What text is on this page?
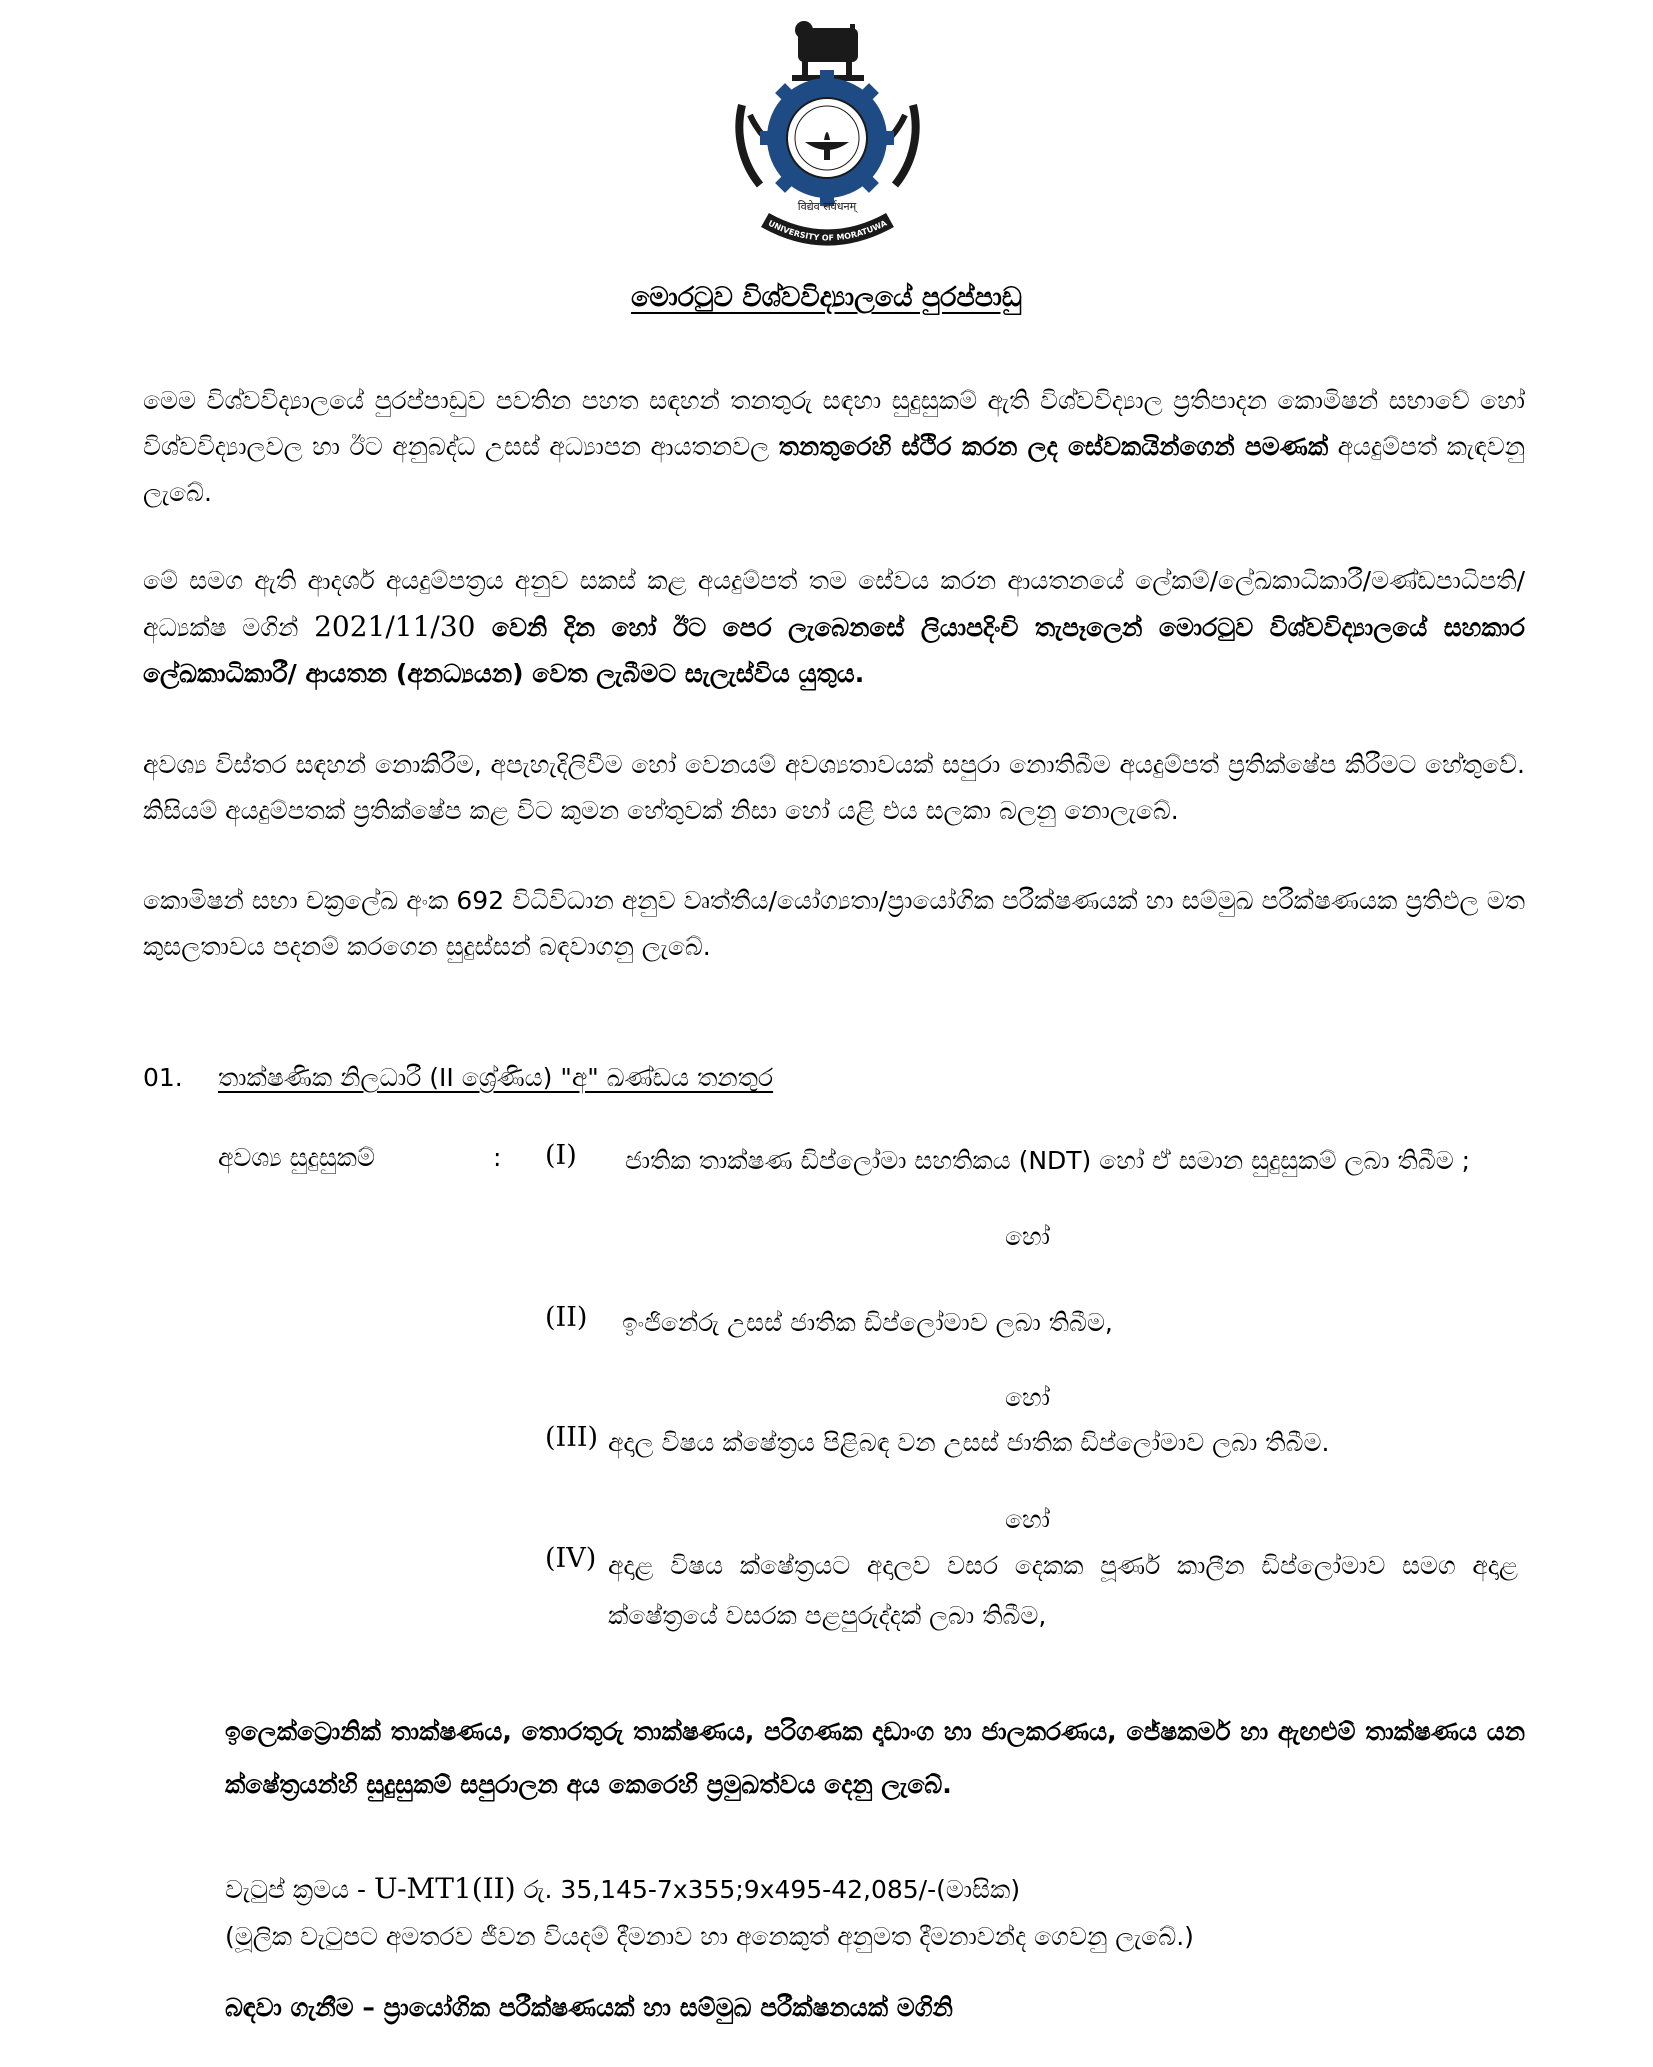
विद्येव सर्वधनम्
UNIVERSITY OF MORATUWA
මොරටුව විශ්වවිද්‍යාලයේ පුරප්පාඩු
මෙම විශ්වවිද්‍යාලයේ පුරප්පාඩුව පවතින පහත සඳහන් තනතුරු සඳහා සුදුසුකම් ඇති විශ්වවිද්‍යාල ප්‍රතිපාදන කොමිෂන් සභාවේ හෝ විශ්වවිද්‍යාලවල හා ඊට අනුබද්ධ උසස් අධ්‍යාපන ආයතනවල තනතුරෙහි ස්ථිර කරන ලද සේවකයින්ගෙන් පමණක් අයදුම්පත් කැඳවනු ලැබේ.
මේ සමග ඇති ආදර්ශ අයදුම්පත්‍රය අනුව සකස් කළ අයදුම්පත් තම සේවය කරන ආයතනයේ ලේකම්/ලේඛකාධිකාරී/මණ්ඩපාධිපති/අධ්‍යක්ෂ මගින් 2021/11/30 වෙනි දින හෝ ඊට පෙර ලැබෙනසේ ලියාපදිංචි තැපෑලෙන් මොරටුව විශ්වවිද්‍යාලයේ සහකාර ලේඛකාධිකාරී/ ආයතන (අනධ්‍යයන) වෙත ලැබීමට සැලැස්විය යුතුය.
අවශ්‍ය විස්තර සඳහන් නොකිරීම, අපැහැදිලිවීම හෝ වෙනයම් අවශ්‍යතාවයක් සපුරා නොතිබීම අයදුම්පත් ප්‍රතික්ෂේප කිරීමට හේතුවේ. කිසියම් අයදුම්පතක් ප්‍රතික්ෂේප කළ විට කුමන හේතුවක් නිසා හෝ යළි එය සලකා බලනු නොලැබේ.
කොමිෂන් සභා චක්‍රලේඛ අංක 692 විධිවිධාන අනුව වෘත්තීය/යෝග්‍යතා/ප්‍රායෝගික පරීක්ෂණයක් හා සම්මුඛ පරීක්ෂණයක ප්‍රතිඵල මත කුසලතාවය පදනම් කරගෙන සුදුස්සන් බඳවාගනු ලැබේ.
01. තාක්ෂණික නිලධාරී (II ශ්‍රේණිය) "අ" ඛණ්ඩය තනතුර
අවශ්‍ය සුදුසුකම්	: (I) ජාතික තාක්ෂණ ඩිප්ලෝමා සහතිකය (NDT) හෝ ඒ සමාන සුදුසුකම් ලබා තිබීම ;
හෝ
(II) ඉංජිනේරු උසස් ජාතික ඩිප්ලෝමාව ලබා තිබීම,
හෝ
(III) අදාල විෂය ක්ෂේත්‍රය පිළිබඳ වන උසස් ජාතික ඩිප්ලෝමාව ලබා තිබීම.
හෝ
(IV) අදාළ විෂය ක්ෂේත්‍රයට අදාලව වසර දෙකක පූර්ණ කාලීන ඩිප්ලෝමාව සමග අදාළ ක්ෂේත්‍රයේ වසරක පළපුරුද්දක් ලබා තිබීම,
ඉලෙක්ට්‍රොනික් තාක්ෂණය, තොරතුරු තාක්ෂණය, පරිගණක දෘඩාංග හා ජාලකරණය, ජේෂකර්ම හා ඇඟළුම් තාක්ෂණය යන ක්ෂේත්‍රයන්හි සුදුසුකම් සපුරාලන අය කෙරෙහි ප්‍රමුඛත්වය දෙනු ලැබේ.
වැටුප් ක්‍රමය - U-MT1(II) රු. 35,145-7x355;9x495-42,085/-(මාසික)
(මූලික වැටුපට අමතරව ජීවන වියදම් දීමනාව හා අනෙකුත් අනුමත දීමනාවන්ද ගෙවනු ලැබේ.)
බඳවා ගැනීම – ප්‍රායෝගික පරීක්ෂණයක් හා සම්මුඛ පරීක්ෂනයක් මගිනි
